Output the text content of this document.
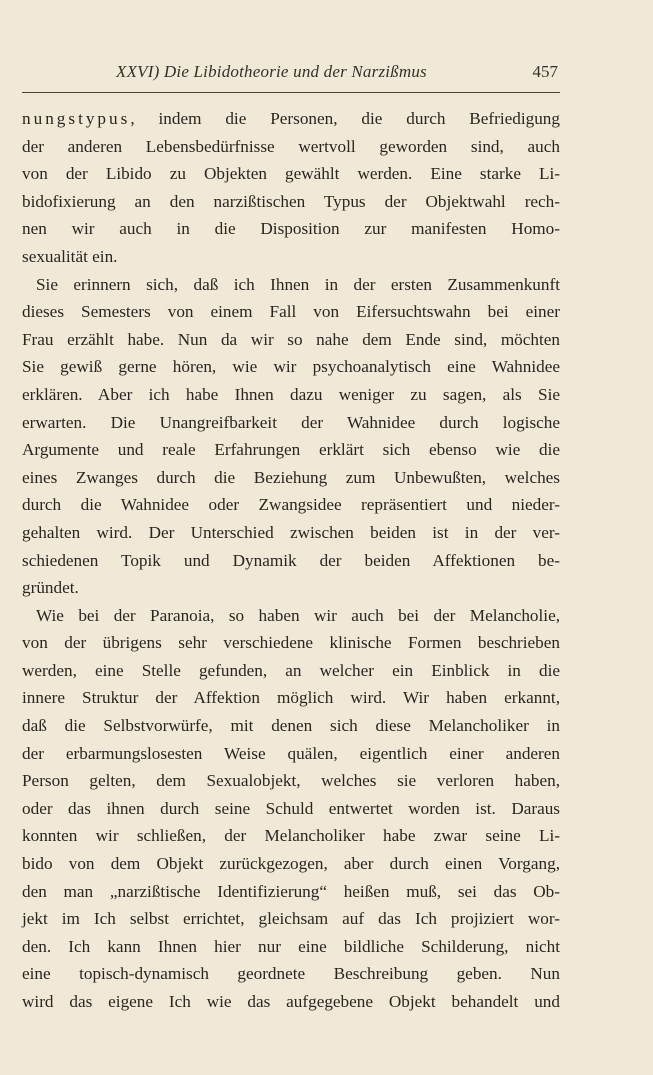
XXVI) Die Libidotheorie und der Narzißmus	457
nungstypus, indem die Personen, die durch Befriedigung
der anderen Lebensbedürfnisse wertvoll geworden sind, auch
von der Libido zu Objekten gewählt werden. Eine starke Li-
bidofixierung an den narzißtischen Typus der Objektwahl rech-
nen wir auch in die Disposition zur manifesten Homo-
sexualität ein.
Sie erinnern sich, daß ich Ihnen in der ersten Zusammenkunft
dieses Semesters von einem Fall von Eifersuchtswahn bei einer
Frau erzählt habe. Nun da wir so nahe dem Ende sind, möchten
Sie gewiß gerne hören, wie wir psychoanalytisch eine Wahnidee
erklären. Aber ich habe Ihnen dazu weniger zu sagen, als Sie
erwarten. Die Unangreifbarkeit der Wahnidee durch logische
Argumente und reale Erfahrungen erklärt sich ebenso wie die
eines Zwanges durch die Beziehung zum Unbewußten, welches
durch die Wahnidee oder Zwangsidee repräsentiert und nieder-
gehalten wird. Der Unterschied zwischen beiden ist in der ver-
schiedenen Topik und Dynamik der beiden Affektionen be-
gründet.
Wie bei der Paranoia, so haben wir auch bei der Melancholie,
von der übrigens sehr verschiedene klinische Formen beschrieben
werden, eine Stelle gefunden, an welcher ein Einblick in die
innere Struktur der Affektion möglich wird. Wir haben erkannt,
daß die Selbstvorwürfe, mit denen sich diese Melancholiker in
der erbarmungslosesten Weise quälen, eigentlich einer anderen
Person gelten, dem Sexualobjekt, welches sie verloren haben,
oder das ihnen durch seine Schuld entwertet worden ist. Daraus
konnten wir schließen, der Melancholiker habe zwar seine Li-
bido von dem Objekt zurückgezogen, aber durch einen Vorgang,
den man „narzißtische Identifizierung“ heißen muß, sei das Ob-
jekt im Ich selbst errichtet, gleichsam auf das Ich projiziert wor-
den. Ich kann Ihnen hier nur eine bildliche Schilderung, nicht
eine topisch-dynamisch geordnete Beschreibung geben. Nun
wird das eigene Ich wie das aufgegebene Objekt behandelt und
